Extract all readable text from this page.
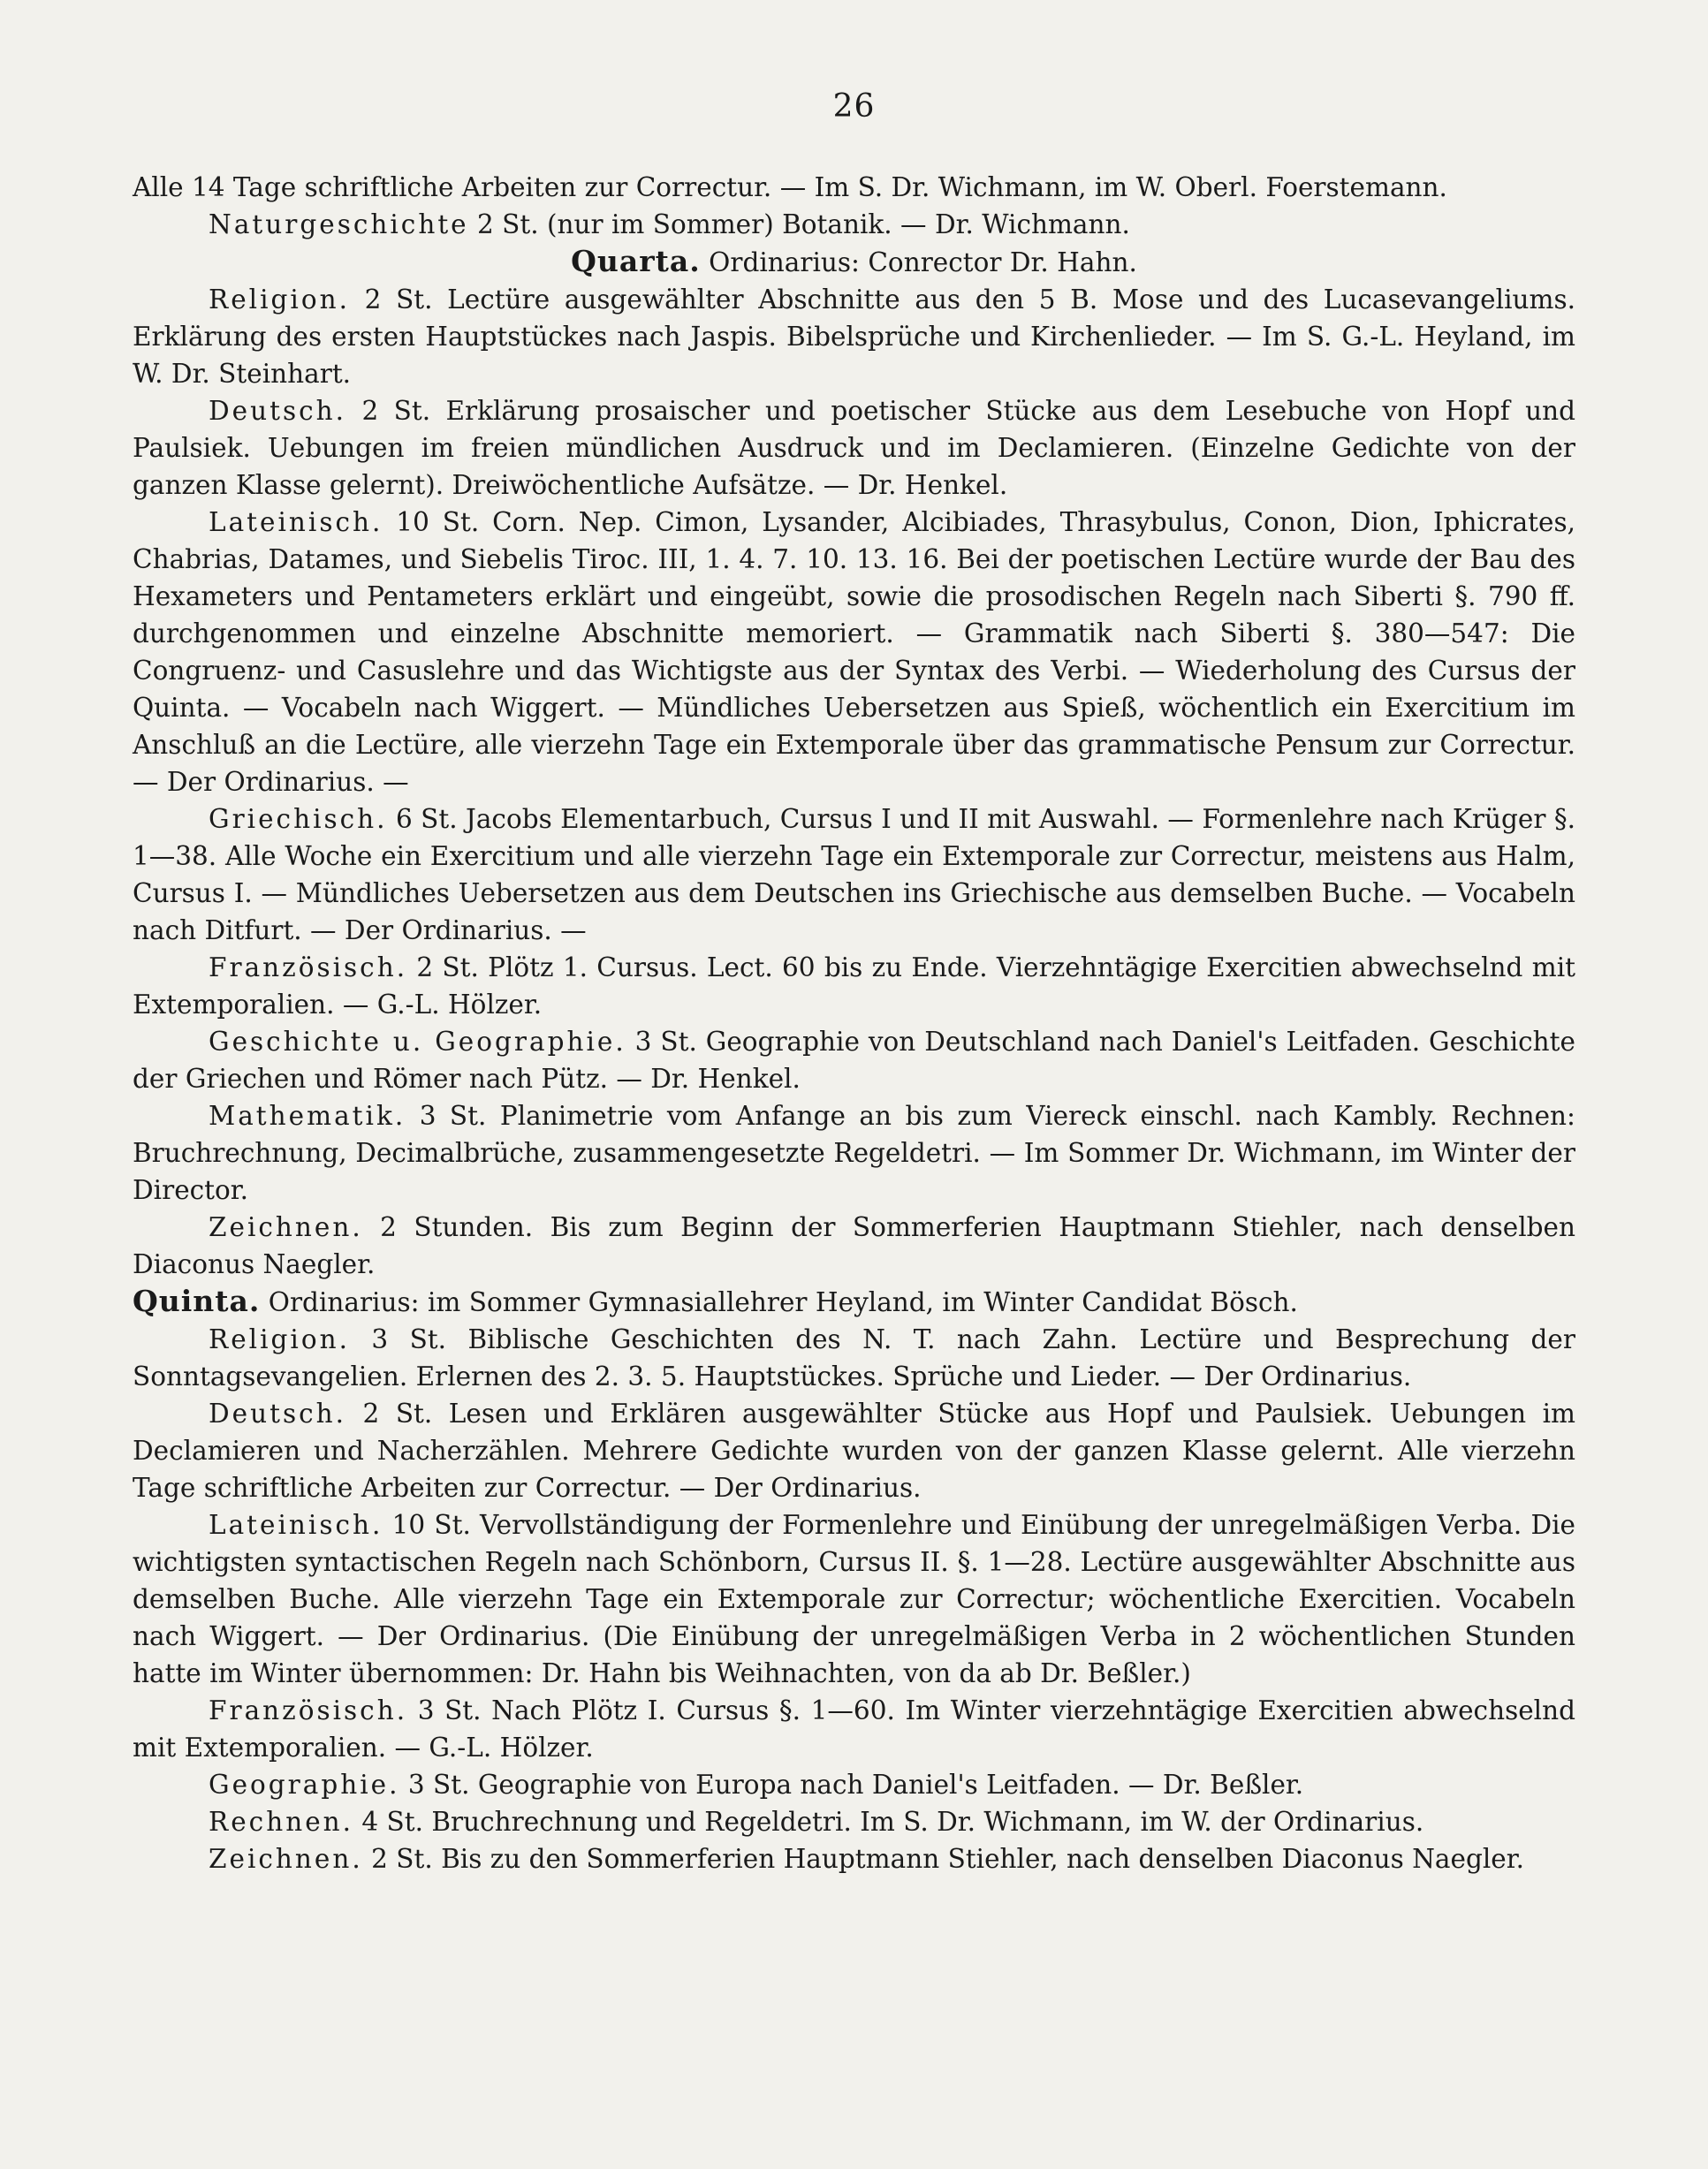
26

Alle 14 Tage schriftliche Arbeiten zur Correctur. — Im S. Dr. Wichmann, im W. Oberl. Foerstemann.

Naturgeschichte 2 St. (nur im Sommer) Botanik. — Dr. Wichmann.

Quarta. Ordinarius: Conrector Dr. Hahn.

Religion. 2 St. Lectüre ausgewählter Abschnitte aus den 5 B. Mose und des Lucasevangeliums. Erklärung des ersten Hauptstückes nach Jaspis. Bibelsprüche und Kirchenlieder. — Im S. G.-L. Heyland, im W. Dr. Steinhart.

Deutsch. 2 St. Erklärung prosaischer und poetischer Stücke aus dem Lesebuche von Hopf und Paulsiek. Uebungen im freien mündlichen Ausdruck und im Declamieren. (Einzelne Gedichte von der ganzen Klasse gelernt). Dreiwöchentliche Aufsätze. — Dr. Henkel.

Lateinisch. 10 St. Corn. Nep. Cimon, Lysander, Alcibiades, Thrasybulus, Conon, Dion, Iphicrates, Chabrias, Datames, und Siebelis Tiroc. III, 1. 4. 7. 10. 13. 16. Bei der poetischen Lectüre wurde der Bau des Hexameters und Pentameters erklärt und eingeübt, sowie die prosodischen Regeln nach Siberti §. 790 ff. durchgenommen und einzelne Abschnitte memoriert. — Grammatik nach Siberti §. 380—547: Die Congruenz- und Casuslehre und das Wichtigste aus der Syntax des Verbi. — Wiederholung des Cursus der Quinta. — Vocabeln nach Wiggert. — Mündliches Uebersetzen aus Spieß, wöchentlich ein Exercitium im Anschluß an die Lectüre, alle vierzehn Tage ein Extemporale über das grammatische Pensum zur Correctur. — Der Ordinarius. —

Griechisch. 6 St. Jacobs Elementarbuch, Cursus I und II mit Auswahl. — Formenlehre nach Krüger §. 1—38. Alle Woche ein Exercitium und alle vierzehn Tage ein Extemporale zur Correctur, meistens aus Halm, Cursus I. — Mündliches Uebersetzen aus dem Deutschen ins Griechische aus demselben Buche. — Vocabeln nach Ditfurt. — Der Ordinarius. —

Französisch. 2 St. Plötz 1. Cursus. Lect. 60 bis zu Ende. Vierzehntägige Exercitien abwechselnd mit Extemporalien. — G.-L. Hölzer.

Geschichte u. Geographie. 3 St. Geographie von Deutschland nach Daniel's Leitfaden. Geschichte der Griechen und Römer nach Pütz. — Dr. Henkel.

Mathematik. 3 St. Planimetrie vom Anfange an bis zum Viereck einschl. nach Kambly. Rechnen: Bruchrechnung, Decimalbrüche, zusammengesetzte Regeldetri. — Im Sommer Dr. Wichmann, im Winter der Director.

Zeichnen. 2 Stunden. Bis zum Beginn der Sommerferien Hauptmann Stiehler, nach denselben Diaconus Naegler.

Quinta. Ordinarius: im Sommer Gymnasiallehrer Heyland, im Winter Candidat Bösch.

Religion. 3 St. Biblische Geschichten des N. T. nach Zahn. Lectüre und Besprechung der Sonntagsevangelien. Erlernen des 2. 3. 5. Hauptstückes. Sprüche und Lieder. — Der Ordinarius.

Deutsch. 2 St. Lesen und Erklären ausgewählter Stücke aus Hopf und Paulsiek. Uebungen im Declamieren und Nacherzählen. Mehrere Gedichte wurden von der ganzen Klasse gelernt. Alle vierzehn Tage schriftliche Arbeiten zur Correctur. — Der Ordinarius.

Lateinisch. 10 St. Vervollständigung der Formenlehre und Einübung der unregelmäßigen Verba. Die wichtigsten syntactischen Regeln nach Schönborn, Cursus II. §. 1—28. Lectüre ausgewählter Abschnitte aus demselben Buche. Alle vierzehn Tage ein Extemporale zur Correctur; wöchentliche Exercitien. Vocabeln nach Wiggert. — Der Ordinarius. (Die Einübung der unregelmäßigen Verba in 2 wöchentlichen Stunden hatte im Winter übernommen: Dr. Hahn bis Weihnachten, von da ab Dr. Beßler.)

Französisch. 3 St. Nach Plötz I. Cursus §. 1—60. Im Winter vierzehntägige Exercitien abwechselnd mit Extemporalien. — G.-L. Hölzer.

Geographie. 3 St. Geographie von Europa nach Daniel's Leitfaden. — Dr. Beßler.

Rechnen. 4 St. Bruchrechnung und Regeldetri. Im S. Dr. Wichmann, im W. der Ordinarius.

Zeichnen. 2 St. Bis zu den Sommerferien Hauptmann Stiehler, nach denselben Diaconus Naegler.
